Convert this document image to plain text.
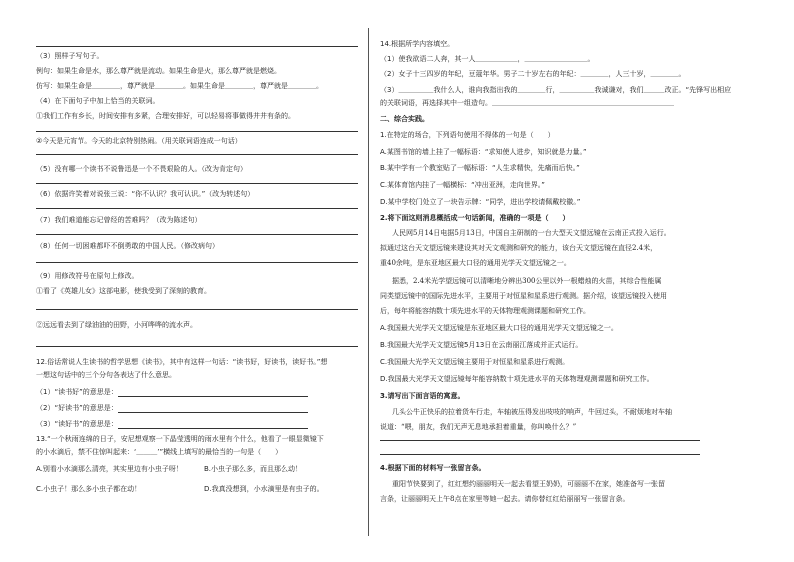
（3）照样子写句子。
例句：如果生命是水，那么尊严就是流动。如果生命是火，那么尊严就是燃烧。
仿写：如果生命是＿＿＿＿，尊严就是＿＿＿＿。如果生命是＿＿＿＿，尊严就是＿＿＿＿。
（4）在下面句子中加上恰当的关联词。
①我们工作有乡长，时间安排有多紧，合理安排好，可以轻易将事做得井井有条的。
②今天是元宵节。今天的北京特别热闹。（用关联词语连成一句话）
（5）没有哪一个读书不说鲁迅是一个不畏艰险的人。（改为肯定句）
（6）依据许笑着对说张三说：“你不认识？我可认识。”（改为转述句）
（7）我们难道能忘记曾经的苦难吗？（改为陈述句）
（8）任何一切困难都吓不倒勇敢的中国人民。（修改病句）
（9）用修改符号在原句上修改。
①看了《英雄儿女》这部电影，使我受到了深刻的教育。
②远远看去到了绿油油的田野，小河哗哗的流水声。
12.俗话常说人生读书的哲学思想《读书》，其中有这样一句话：“读书好，好读书，读好书。”想
一想这句话中的三个分句各表达了什么意思。
（1）“读书好”的意思是：
（2）“好读书”的意思是：
（3）“读好书”的意思是：
13.“一个秋雨连绵的日子，安尼想观察一下晶莹透明的雨水里有个什么，他看了一眼显微镜下
的小水滴后，禁不住惊叫起来：‘＿＿＿’”横线上填写的最恰当的一句是（　　）
A.别看小水滴那么清亮，其实里边有小虫子呀！	B.小虫子那么多，而且那么动！
C.小虫子！那么多小虫子都在动！	D.我真没想到，小水滴里是有虫子的。
14.根据所学内容填空。
（1）使我欲语二人奔，其一人＿＿＿＿＿＿，＿＿＿＿＿＿＿＿＿。
（2）女子十三四岁的年纪，豆蔻年华。男子二十岁左右的年纪：＿＿＿＿，人三十岁，＿＿＿＿。
（3）＿＿＿＿＿我什么人，谁向我指出我的＿＿＿＿行，＿＿＿＿＿我诚谦对，我们＿＿＿改正。“先锋写出相应
的关联词语，再选择其中一组造句。＿＿＿＿＿＿＿＿＿＿＿＿＿＿＿＿＿＿＿＿＿＿＿＿＿＿
二、综合实践。
1.在特定的场合，下列语句使用不得体的一句是（　　）
A.某图书馆的墙上挂了一幅标语：“求知使人进步，知识就是力量。”
B.某中学有一个教室贴了一幅标语：“人生求精快，先痛而后快。”
C.某体育馆内挂了一幅横标：“冲出亚洲，走向世界。”
D.某中学校门处立了一块告示牌：“同学，进出学校请佩戴校徽。”
2.将下面这则消息概括成一句话新闻，准确的一项是（　　）
人民网5月14日电据5月13日，中国自主研制的一台大型天文望远镜在云南正式投入运行。
拟通过这台天文望远镜来建设其对天文观测和研究的能力，该台天文望远镜在直径2.4米，
重40余吨，是东亚地区最大口径的通用光学天文望远镜之一。
据悉，2.4米光学望远镜可以清晰地分辨出300公里以外一根蜡烛的火苗，其综合性能属
同类望远镜中的国际先进水平，主要用于对恒星和星系进行观测。据介绍，该望远镜投入使用
后，每年将能容纳数十项先进水平的天体物理观测课题和研究工作。
A.我国最大光学天文望远镜是东亚地区最大口径的通用光学天文望远镜之一。
B.我国最大光学天文望远镜5月13日在云南丽江落成并正式运行。
C.我国最大光学天文望远镜主要用于对恒星和星系进行观测。
D.我国最大光学天文望远镜每年能容纳数十项先进水平的天体物理观测课题和研究工作。
3.请写出下面言语的寓意。
几头公牛正快乐的拉着货车行走，车轴被压得发出吱吱的响声，牛回过头，不耐烦地对车轴
说道：“喂，朋友，我们无声无息地承担着重量，你叫唤什么？”
4.根据下面的材料写一张留言条。
重阳节快要到了，红红想约丽丽明天一起去看望王奶奶，可丽丽不在家，她准备写一张留
言条，让丽丽明天上午8点在家里等她一起去。请你替红红给丽丽写一张留言条。
